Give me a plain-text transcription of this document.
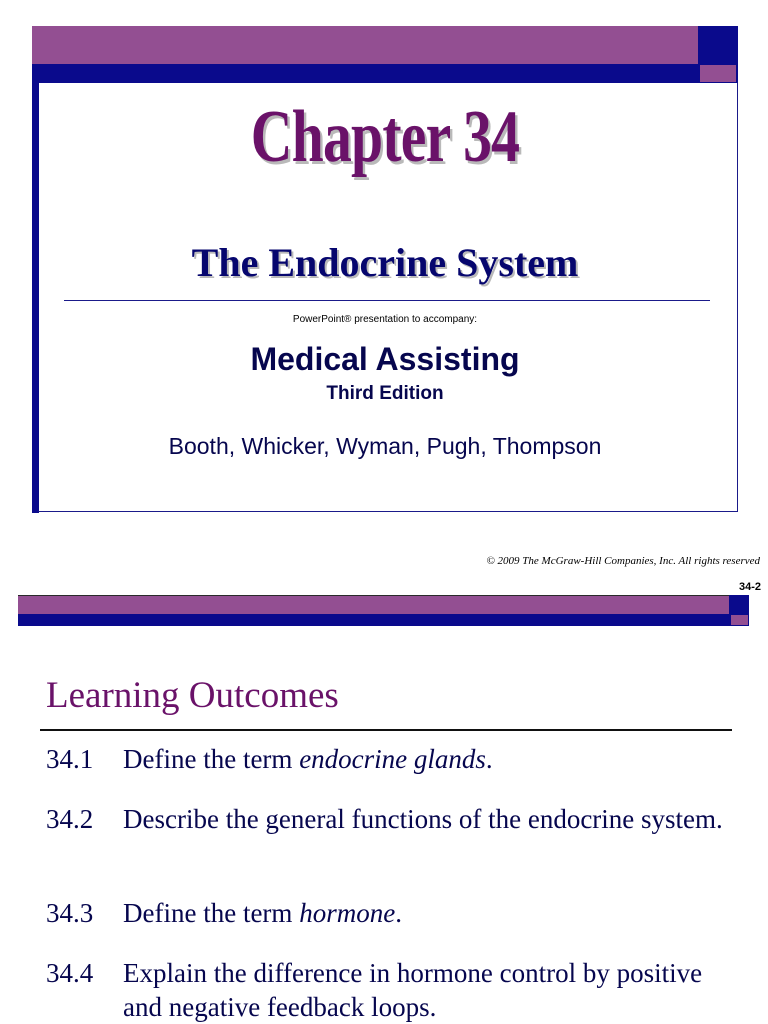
Chapter 34
The Endocrine System
PowerPoint® presentation to accompany:
Medical Assisting
Third Edition
Booth, Whicker, Wyman, Pugh, Thompson
© 2009 The McGraw-Hill Companies, Inc. All rights reserved
34-2
Learning Outcomes
34.1	Define the term endocrine glands.
34.2	Describe the general functions of the endocrine system.
34.3	Define the term hormone.
34.4	Explain the difference in hormone control by positive and negative feedback loops.
